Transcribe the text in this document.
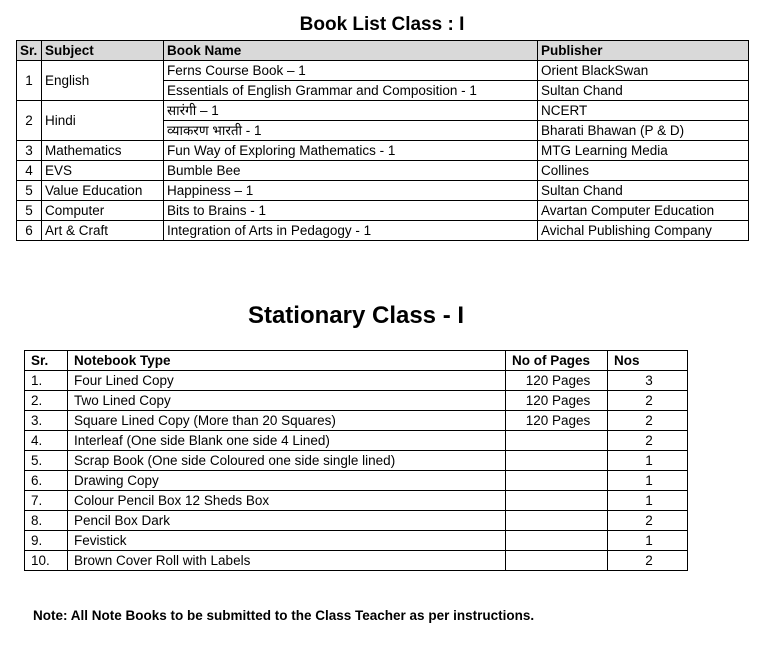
Book List Class : I
Sr.	Subject	Book Name	Publisher
1	English	Ferns Course Book – 1	Orient BlackSwan
		Essentials of English Grammar and Composition - 1	Sultan Chand
2	Hindi	सारंगी – 1	NCERT
		व्याकरण भारती - 1	Bharati Bhawan (P & D)
3	Mathematics	Fun Way of Exploring Mathematics - 1	MTG Learning Media
4	EVS	Bumble Bee	Collines
5	Value Education	Happiness – 1	Sultan Chand
5	Computer	Bits to Brains - 1	Avartan Computer Education
6	Art & Craft	Integration of Arts in Pedagogy - 1	Avichal Publishing Company
Stationary Class - I
Sr.	Notebook Type	No of Pages	Nos
1.	Four Lined Copy	120 Pages	3
2.	Two Lined Copy	120 Pages	2
3.	Square Lined Copy (More than 20 Squares)	120 Pages	2
4.	Interleaf (One side Blank one side 4 Lined)		2
5.	Scrap Book (One side Coloured one side single lined)		1
6.	Drawing Copy		1
7.	Colour Pencil Box 12 Sheds Box		1
8.	Pencil Box Dark		2
9.	Fevistick		1
10.	Brown Cover Roll with Labels		2
Note: All Note Books to be submitted to the Class Teacher as per instructions.
